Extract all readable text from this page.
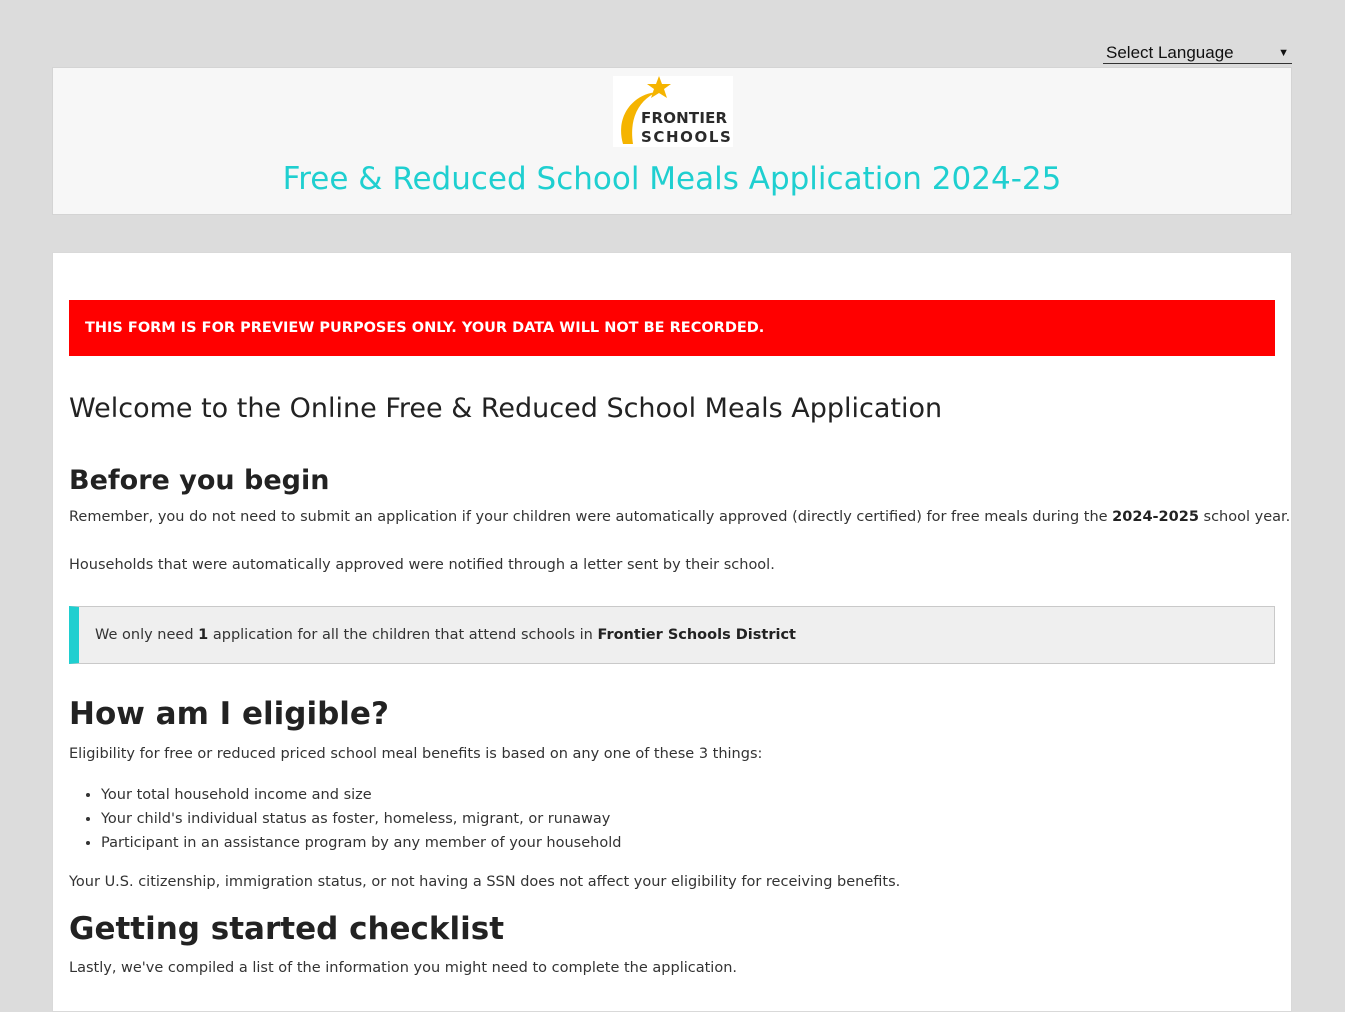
Select Language	▼
FRONTIER
SCHOOLS
Free & Reduced School Meals Application 2024-25
THIS FORM IS FOR PREVIEW PURPOSES ONLY. YOUR DATA WILL NOT BE RECORDED.
Welcome to the Online Free & Reduced School Meals Application
Before you begin

Remember, you do not need to submit an application if your children were automatically approved (directly certified) for free meals during the 2024-2025 school year.

Households that were automatically approved were notified through a letter sent by their school.

We only need 1 application for all the children that attend schools in Frontier Schools District
How am I eligible?

Eligibility for free or reduced priced school meal benefits is based on any one of these 3 things:

• Your total household income and size
• Your child's individual status as foster, homeless, migrant, or runaway
• Participant in an assistance program by any member of your household

Your U.S. citizenship, immigration status, or not having a SSN does not affect your eligibility for receiving benefits.

Getting started checklist

Lastly, we've compiled a list of the information you might need to complete the application.
